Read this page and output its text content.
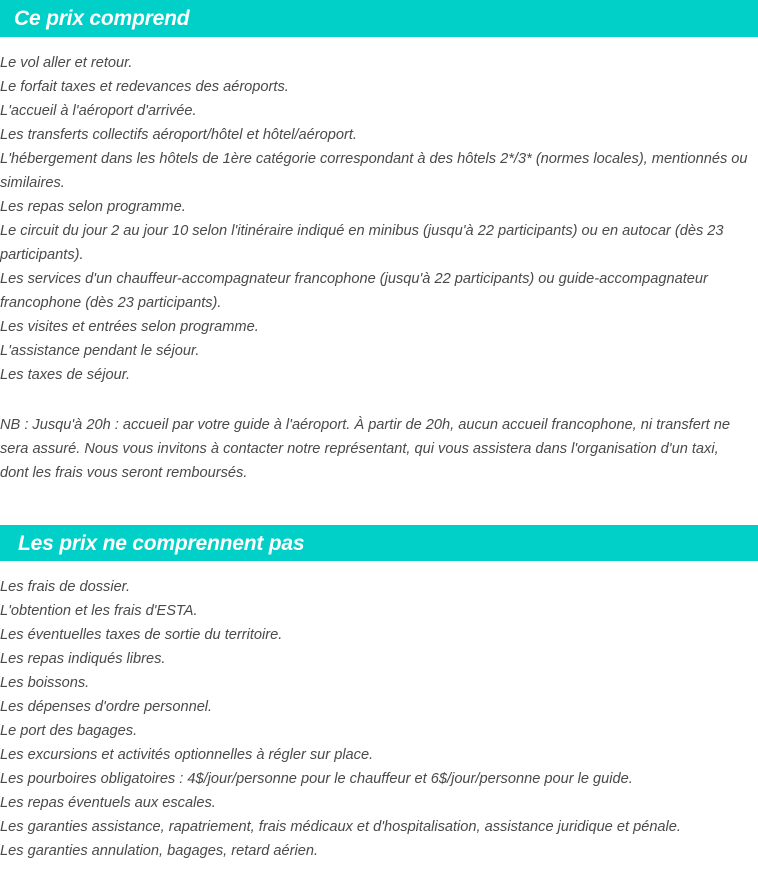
Ce prix comprend
Le vol aller et retour.
Le forfait taxes et redevances des aéroports.
L'accueil à l'aéroport d'arrivée.
Les transferts collectifs aéroport/hôtel et hôtel/aéroport.
L'hébergement dans les hôtels de 1ère catégorie correspondant à des hôtels 2*/3* (normes locales), mentionnés ou similaires.
Les repas selon programme.
Le circuit du jour 2 au jour 10 selon l'itinéraire indiqué en minibus (jusqu'à 22 participants) ou en autocar (dès 23 participants).
Les services d'un chauffeur-accompagnateur francophone (jusqu'à 22 participants) ou guide-accompagnateur francophone (dès 23 participants).
Les visites et entrées selon programme.
L'assistance pendant le séjour.
Les taxes de séjour.

NB : Jusqu'à 20h : accueil par votre guide à l'aéroport. À partir de 20h, aucun accueil francophone, ni transfert ne sera assuré. Nous vous invitons à contacter notre représentant, qui vous assistera dans l'organisation d'un taxi, dont les frais vous seront remboursés.

Les prix ne comprennent pas
Les frais de dossier.
L'obtention et les frais d'ESTA.
Les éventuelles taxes de sortie du territoire.
Les repas indiqués libres.
Les boissons.
Les dépenses d'ordre personnel.
Le port des bagages.
Les excursions et activités optionnelles à régler sur place.
Les pourboires obligatoires : 4$/jour/personne pour le chauffeur et 6$/jour/personne pour le guide.
Les repas éventuels aux escales.
Les garanties assistance, rapatriement, frais médicaux et d'hospitalisation, assistance juridique et pénale.
Les garanties annulation, bagages, retard aérien.
